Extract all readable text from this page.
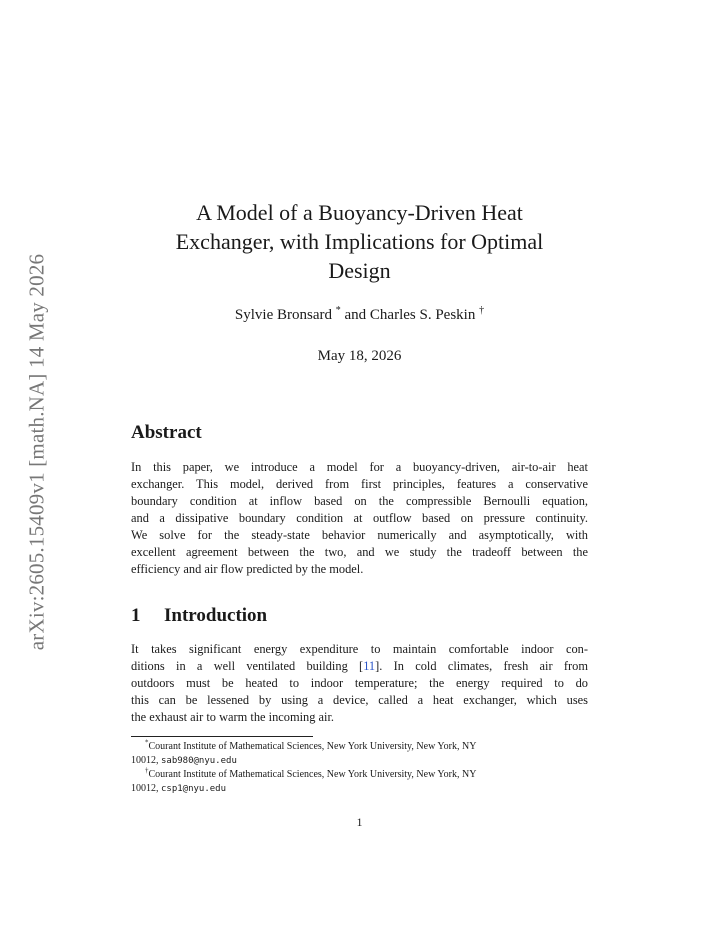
arXiv:2605.15409v1 [math.NA] 14 May 2026
A Model of a Buoyancy-Driven Heat
Exchanger, with Implications for Optimal
Design
Sylvie Bronsard * and Charles S. Peskin †
May 18, 2026
Abstract
In this paper, we introduce a model for a buoyancy-driven, air-to-air heat
exchanger. This model, derived from first principles, features a conservative
boundary condition at inflow based on the compressible Bernoulli equation,
and a dissipative boundary condition at outflow based on pressure continuity.
We solve for the steady-state behavior numerically and asymptotically, with
excellent agreement between the two, and we study the tradeoff between the
efficiency and air flow predicted by the model.
1 Introduction
It takes significant energy expenditure to maintain comfortable indoor con-
ditions in a well ventilated building [11]. In cold climates, fresh air from
outdoors must be heated to indoor temperature; the energy required to do
this can be lessened by using a device, called a heat exchanger, which uses
the exhaust air to warm the incoming air.
*Courant Institute of Mathematical Sciences, New York University, New York, NY
10012, sab980@nyu.edu
†Courant Institute of Mathematical Sciences, New York University, New York, NY
10012, csp1@nyu.edu
1
